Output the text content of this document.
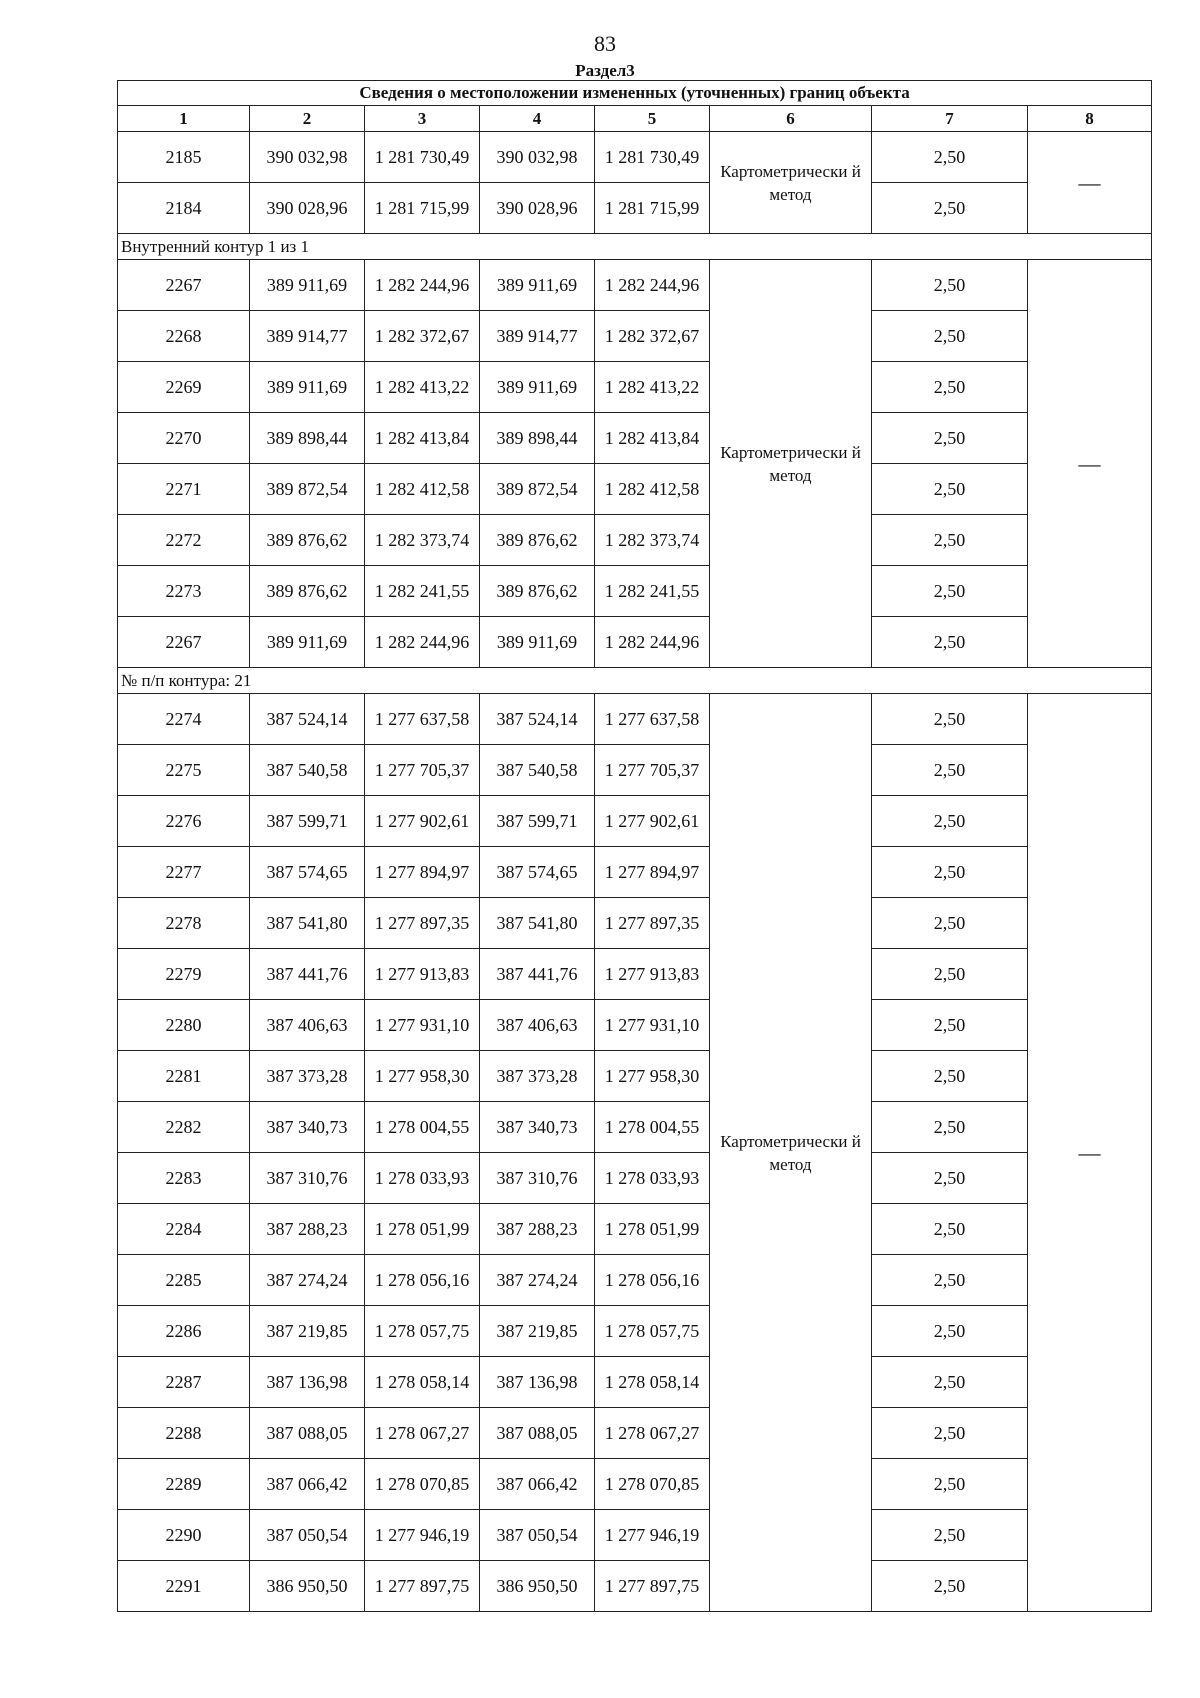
83
Раздел3
Сведения о местоположении измененных (уточненных) границ объекта							
1	2	3	4	5	6	7	8
2185	390 032,98	1 281 730,49	390 032,98	1 281 730,49	Картометрически й метод	2,50	—
2184	390 028,96	1 281 715,99	390 028,96	1 281 715,99		2,50	
Внутренний контур 1 из 1							
2267	389 911,69	1 282 244,96	389 911,69	1 282 244,96	Картометрически й метод	2,50	—
2268	389 914,77	1 282 372,67	389 914,77	1 282 372,67		2,50	
2269	389 911,69	1 282 413,22	389 911,69	1 282 413,22		2,50	
2270	389 898,44	1 282 413,84	389 898,44	1 282 413,84		2,50	
2271	389 872,54	1 282 412,58	389 872,54	1 282 412,58		2,50	
2272	389 876,62	1 282 373,74	389 876,62	1 282 373,74		2,50	
2273	389 876,62	1 282 241,55	389 876,62	1 282 241,55		2,50	
2267	389 911,69	1 282 244,96	389 911,69	1 282 244,96		2,50	
№ п/п контура: 21							
2274	387 524,14	1 277 637,58	387 524,14	1 277 637,58	Картометрически й метод	2,50	—
2275	387 540,58	1 277 705,37	387 540,58	1 277 705,37		2,50	
2276	387 599,71	1 277 902,61	387 599,71	1 277 902,61		2,50	
2277	387 574,65	1 277 894,97	387 574,65	1 277 894,97		2,50	
2278	387 541,80	1 277 897,35	387 541,80	1 277 897,35		2,50	
2279	387 441,76	1 277 913,83	387 441,76	1 277 913,83		2,50	
2280	387 406,63	1 277 931,10	387 406,63	1 277 931,10		2,50	
2281	387 373,28	1 277 958,30	387 373,28	1 277 958,30		2,50	
2282	387 340,73	1 278 004,55	387 340,73	1 278 004,55		2,50	
2283	387 310,76	1 278 033,93	387 310,76	1 278 033,93		2,50	
2284	387 288,23	1 278 051,99	387 288,23	1 278 051,99		2,50	
2285	387 274,24	1 278 056,16	387 274,24	1 278 056,16		2,50	
2286	387 219,85	1 278 057,75	387 219,85	1 278 057,75		2,50	
2287	387 136,98	1 278 058,14	387 136,98	1 278 058,14		2,50	
2288	387 088,05	1 278 067,27	387 088,05	1 278 067,27		2,50	
2289	387 066,42	1 278 070,85	387 066,42	1 278 070,85		2,50	
2290	387 050,54	1 277 946,19	387 050,54	1 277 946,19		2,50	
2291	386 950,50	1 277 897,75	386 950,50	1 277 897,75		2,50	
